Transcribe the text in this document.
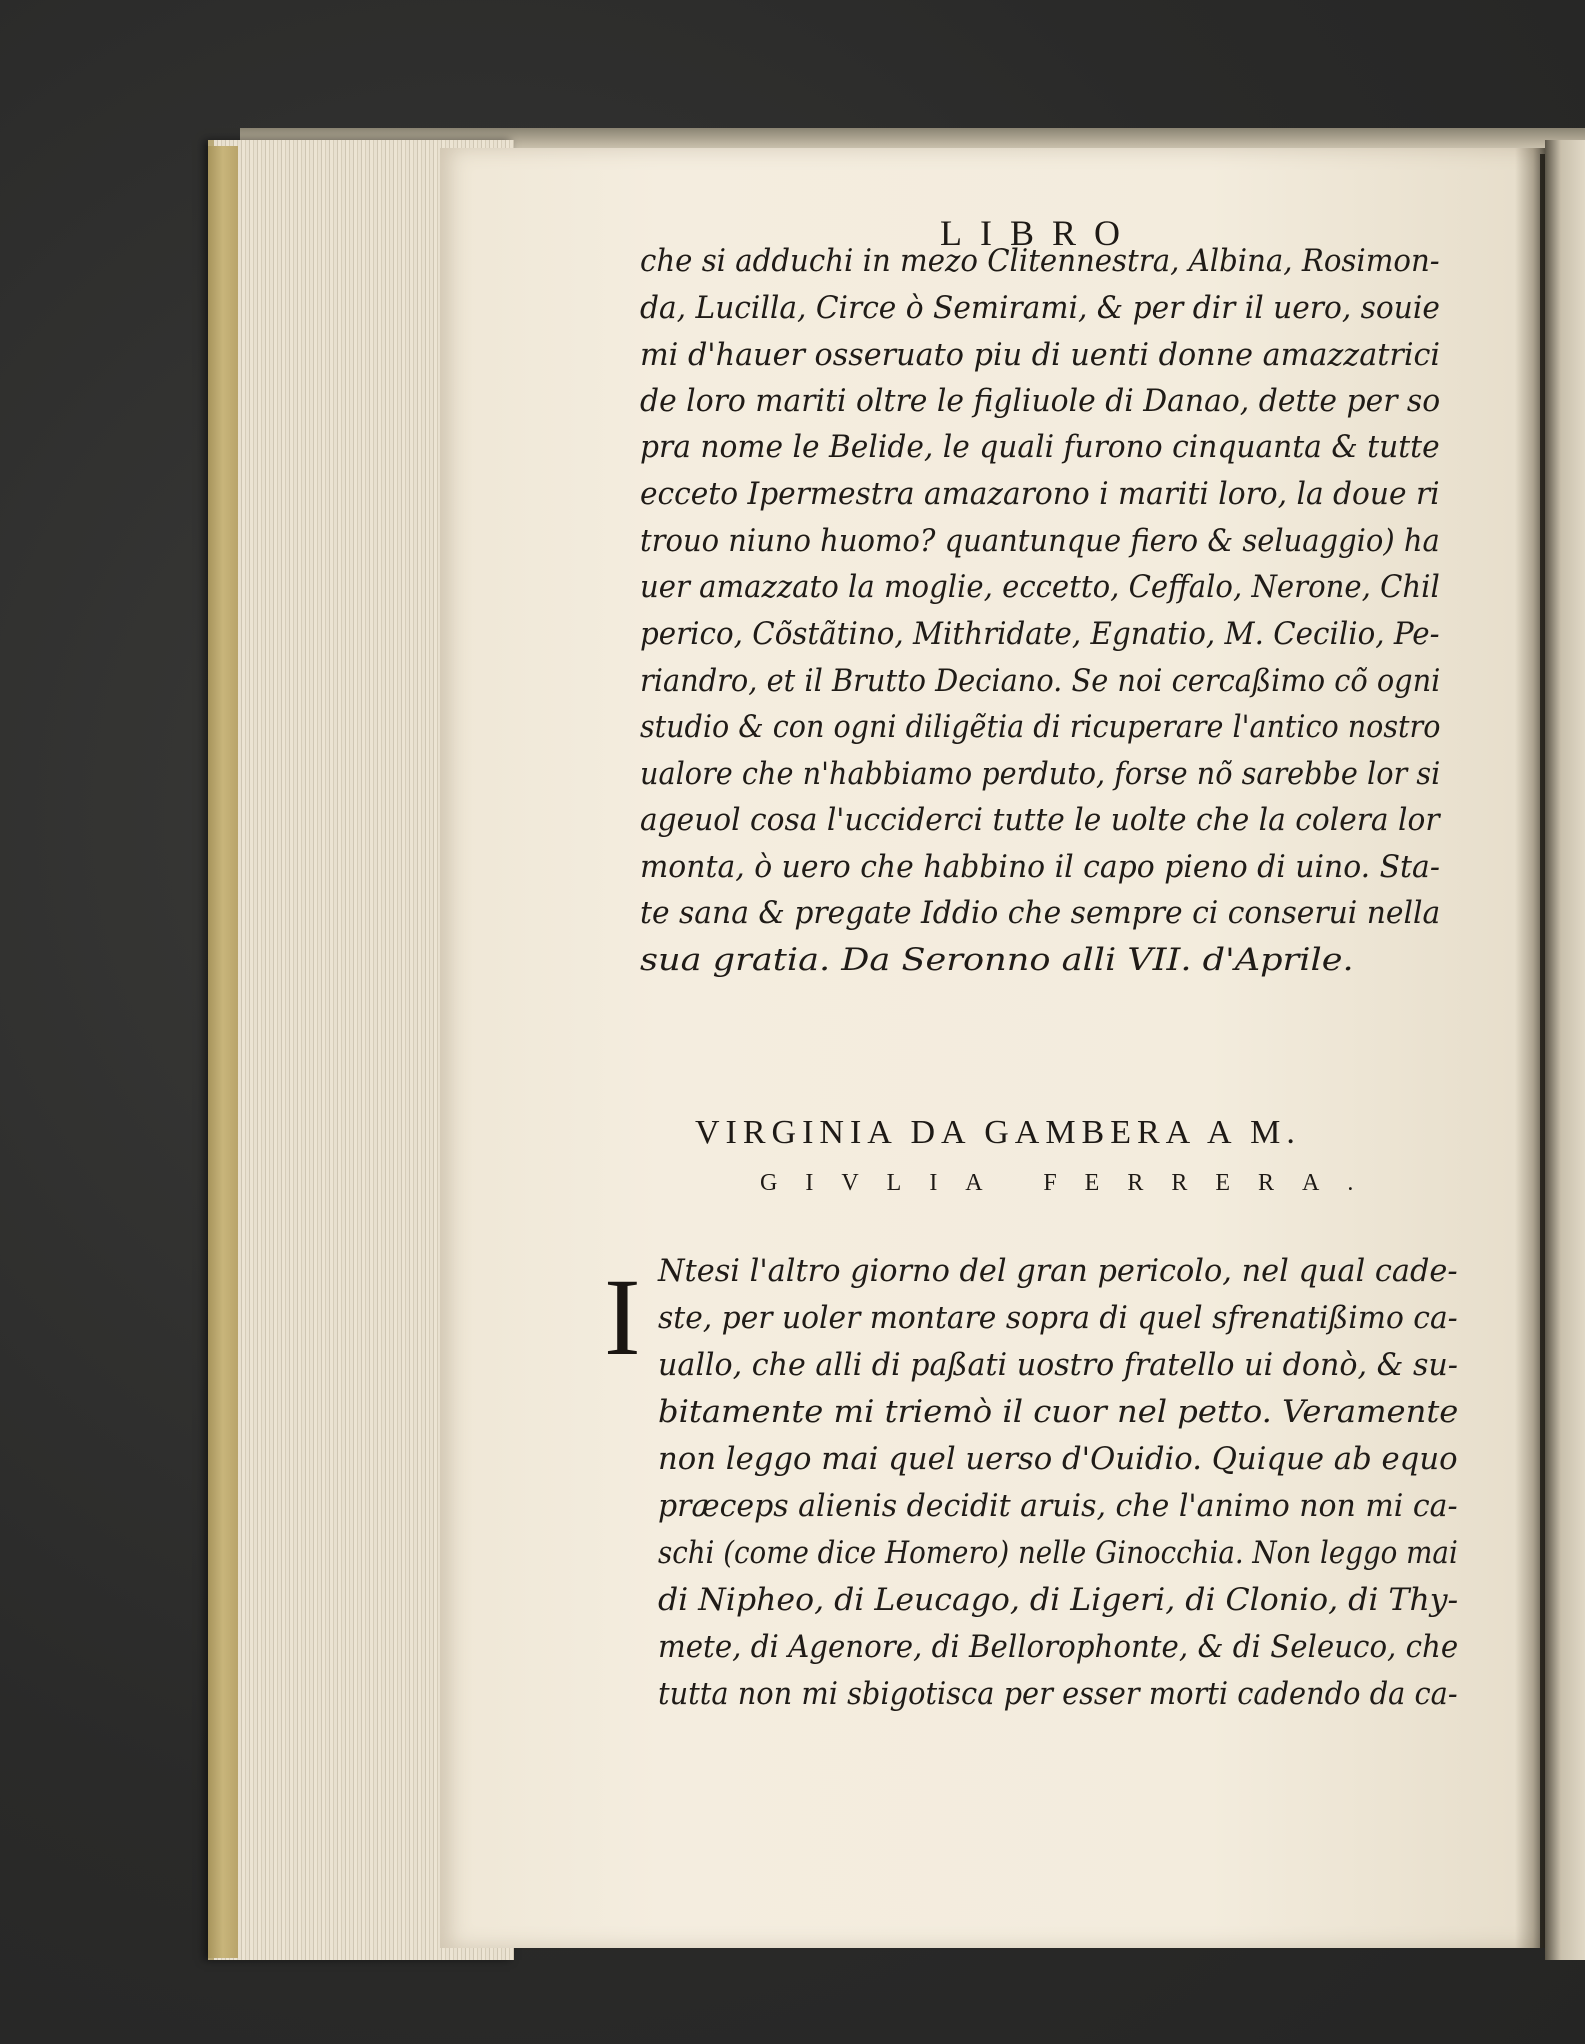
LIBRO
che si adduchi in mezo Clitennestra, Albina, Rosimon-
da, Lucilla, Circe ò Semirami, & per dir il uero, souie
mi d'hauer osseruato piu di uenti donne amazzatrici
de loro mariti oltre le figliuole di Danao, dette per so
pra nome le Belide, le quali furono cinquanta & tutte
ecceto Ipermestra amazarono i mariti loro, la doue ri
trouo niuno huomo? quantunque fiero & seluaggio) ha
uer amazzato la moglie, eccetto, Ceffalo, Nerone, Chil
perico, Cõstãtino, Mithridate, Egnatio, M. Cecilio, Pe-
riandro, et il Brutto Deciano. Se noi cercaßimo cõ ogni
studio & con ogni diligẽtia di ricuperare l'antico nostro
ualore che n'habbiamo perduto, forse nõ sarebbe lor si
ageuol cosa l'ucciderci tutte le uolte che la colera lor
monta, ò uero che habbino il capo pieno di uino. Sta-
te sana & pregate Iddio che sempre ci conserui nella
sua gratia. Da Seronno alli VII. d'Aprile.
VIRGINIA DA GAMBERA A M.
GIVLIA FERRERA.
I Ntesi l'altro giorno del gran pericolo, nel qual cade-
ste, per uoler montare sopra di quel sfrenatißimo ca-
uallo, che alli di paßati uostro fratello ui donò, & su-
bitamente mi triemò il cuor nel petto. Veramente
non leggo mai quel uerso d'Ouidio. Quique ab equo
præceps alienis decidit aruis, che l'animo non mi ca-
schi (come dice Homero) nelle Ginocchia. Non leggo mai
di Nipheo, di Leucago, di Ligeri, di Clonio, di Thy-
mete, di Agenore, di Bellorophonte, & di Seleuco, che
tutta non mi sbigotisca per esser morti cadendo da ca-
